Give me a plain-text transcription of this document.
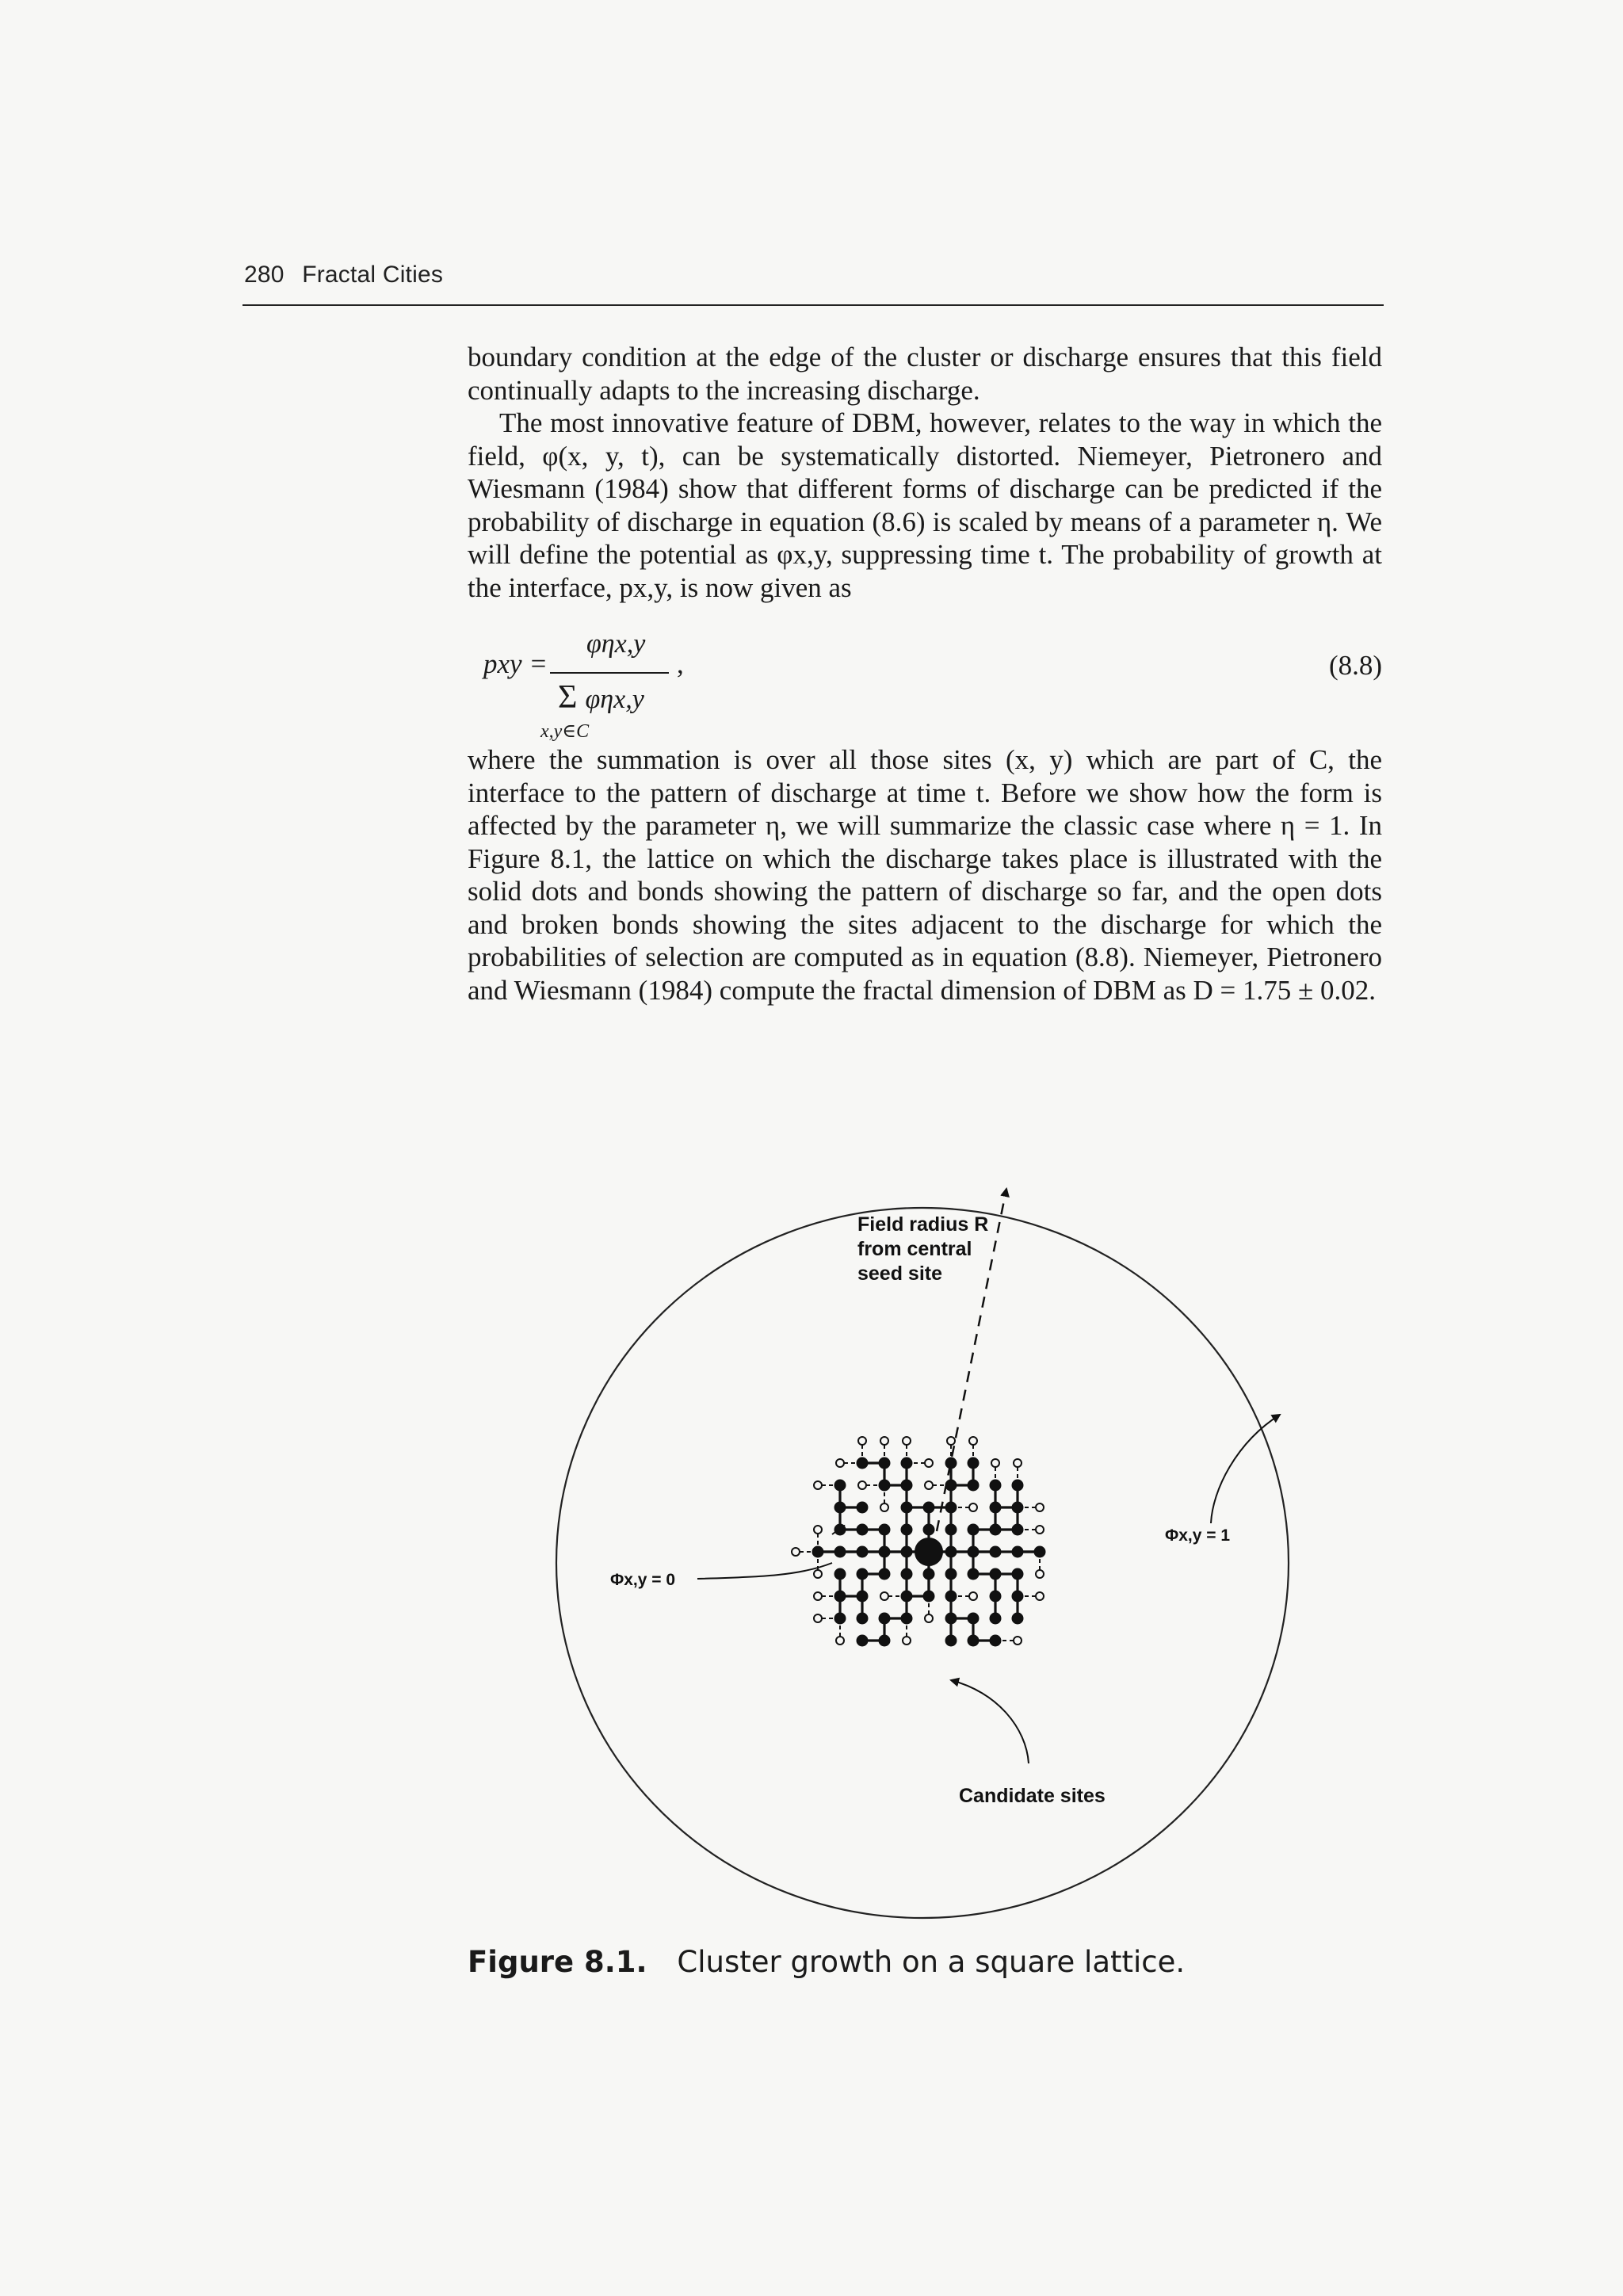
280 Fractal Cities

boundary condition at the edge of the cluster or discharge ensures that this field continually adapts to the increasing discharge.

The most innovative feature of DBM, however, relates to the way in which the field, φ(x, y, t), can be systematically distorted. Niemeyer, Pietronero and Wiesmann (1984) show that different forms of discharge can be predicted if the probability of discharge in equation (8.6) is scaled by means of a parameter η. We will define the potential as φx,y, suppressing time t. The probability of growth at the interface, px,y, is now given as

pxy =
φηx,y
Σ φηx,y
x,y∈C
,	(8.8)

where the summation is over all those sites (x, y) which are part of C, the interface to the pattern of discharge at time t. Before we show how the form is affected by the parameter η, we will summarize the classic case where η = 1. In Figure 8.1, the lattice on which the discharge takes place is illustrated with the solid dots and bonds showing the pattern of discharge so far, and the open dots and broken bonds showing the sites adjacent to the discharge for which the probabilities of selection are computed as in equation (8.8). Niemeyer, Pietronero and Wiesmann (1984) compute the fractal dimension of DBM as D = 1.75 ± 0.02.

Field radius R
from central
seed site
Φx,y = 0
Φx,y = 1
Candidate sites
Figure 8.1. Cluster growth on a square lattice.
